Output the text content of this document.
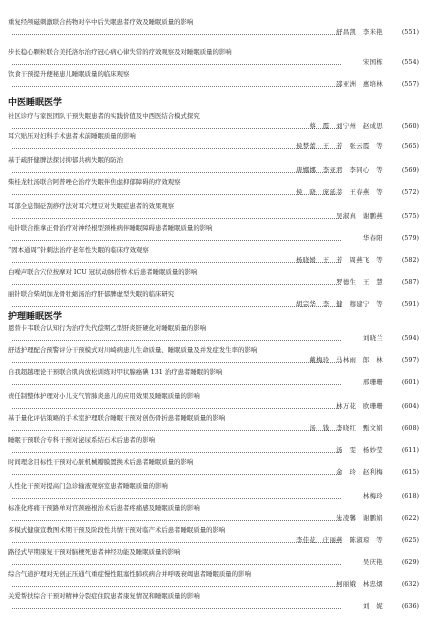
重复经颅磁刺激联合药物对卒中后失眠患者疗效及睡眠质量的影响
舒昌凯　李米艳	(551)
步长稳心颗粒联合美托洛尔治疗冠心病心律失常的疗效观察及对睡眠质量的影响
宋国栋	(554)
饮食干预提升便秘患儿睡眠质量的临床观察
邵亚洲　惠培林	(557)
中医睡眠医学
社区诊疗与家医团队干预失眠患者的实践价值及中西医结合模式探究
蔡　霞　刘宁州　赵成思	(560)
耳穴贴压对妇科手术患者术前睡眠质量的影响
侯梦蕾　王　芳　张云霞　等	(565)
基于疏肝健脾法探讨抑郁共病失眠的防治
唐娜娜　李亚君　李同心　等	(569)
柴桂龙牡汤联合阿普唑仑治疗失眠伴焦虑抑郁障碍的疗效观察
侯　晓　庞延莘　王春燕　等	(572)
耳部全息铜砭刮痧疗法对耳穴埋豆对失眠症患者的效果观察
吴淑真　谢鹏燕	(575)
电针联合推拿正骨治疗对神经根型颈椎病伴睡眠障碍患者睡眠质量的影响
华春阳	(579)
“固本通周”针刺法治疗老年性失眠的临床疗效观察
杨晓媛　王　芳　周燕飞　等	(582)
白噪声联合穴位按摩对 ICU 冠状动脉搭桥术后患者睡眠质量的影响
罗德生　王　慧	(587)
丽针联合柴胡加龙骨牡蛎汤治疗肝郁脾虚型失眠的临床研究
胡宗华　李　健　穆建宁　等	(591)
护理睡眠医学
恩替卡韦联合认知行为治疗失代偿期乙型肝炎肝硬化对睡眠质量的影响
刘晓兰	(594)
舒适护理配合预警评分干预模式对川崎病患儿生命质量、睡眠质量及并发症发生率的影响
戴梅玲　马林雨　郎　林	(597)
自我超越理论干预联合肌肉放松训练对甲状腺癌碘 131 治疗患者睡眠的影响
邢珊珊	(601)
责任制整体护理对小儿支气管肺炎患儿的应用效果及睡眠质量的影响
林万花　欧珊珊	(604)
基于量化评估策略的手术室护理联合睡眠干预对创伤骨折患者睡眠质量的影响
汤　钱　李晓红　甄文娟	(608)
睡眠干预联合专科干预对泌尿系结石术后患者的影响
汤　雯　杨妙莹	(611)
时间理念目标性干预对心脏机械瓣膜置换术后患者睡眠质量的影响
余　玲　赵利梅	(615)
人性化干预对提高门急诊输液观察室患者睡眠质量的影响
林梅玲	(618)
标准化疼痛干预路单对宫颈癌根治术后患者疼痛感及睡眠质量的影响
朱凌馨　谢鹏娟	(622)
多模式健康宣教图术期干预及阶段性共情干预对临产术后患者睡眠质量的影响
李佳花　庄丽燕　陈淑琼　等	(625)
路径式早期康复干预对脑梗死患者神经功能及睡眠质量的影响
吴庆艳	(629)
综合气道护理对无创正压通气重症慢性阻塞性肺疾病合并呼吸衰竭患者睡眠质量的影响
柯丽娥　林忠烟	(632)
关爱帮扶综合干预对精神分裂症住院患者康复情况和睡眠质量的影响
刘　妮	(636)
